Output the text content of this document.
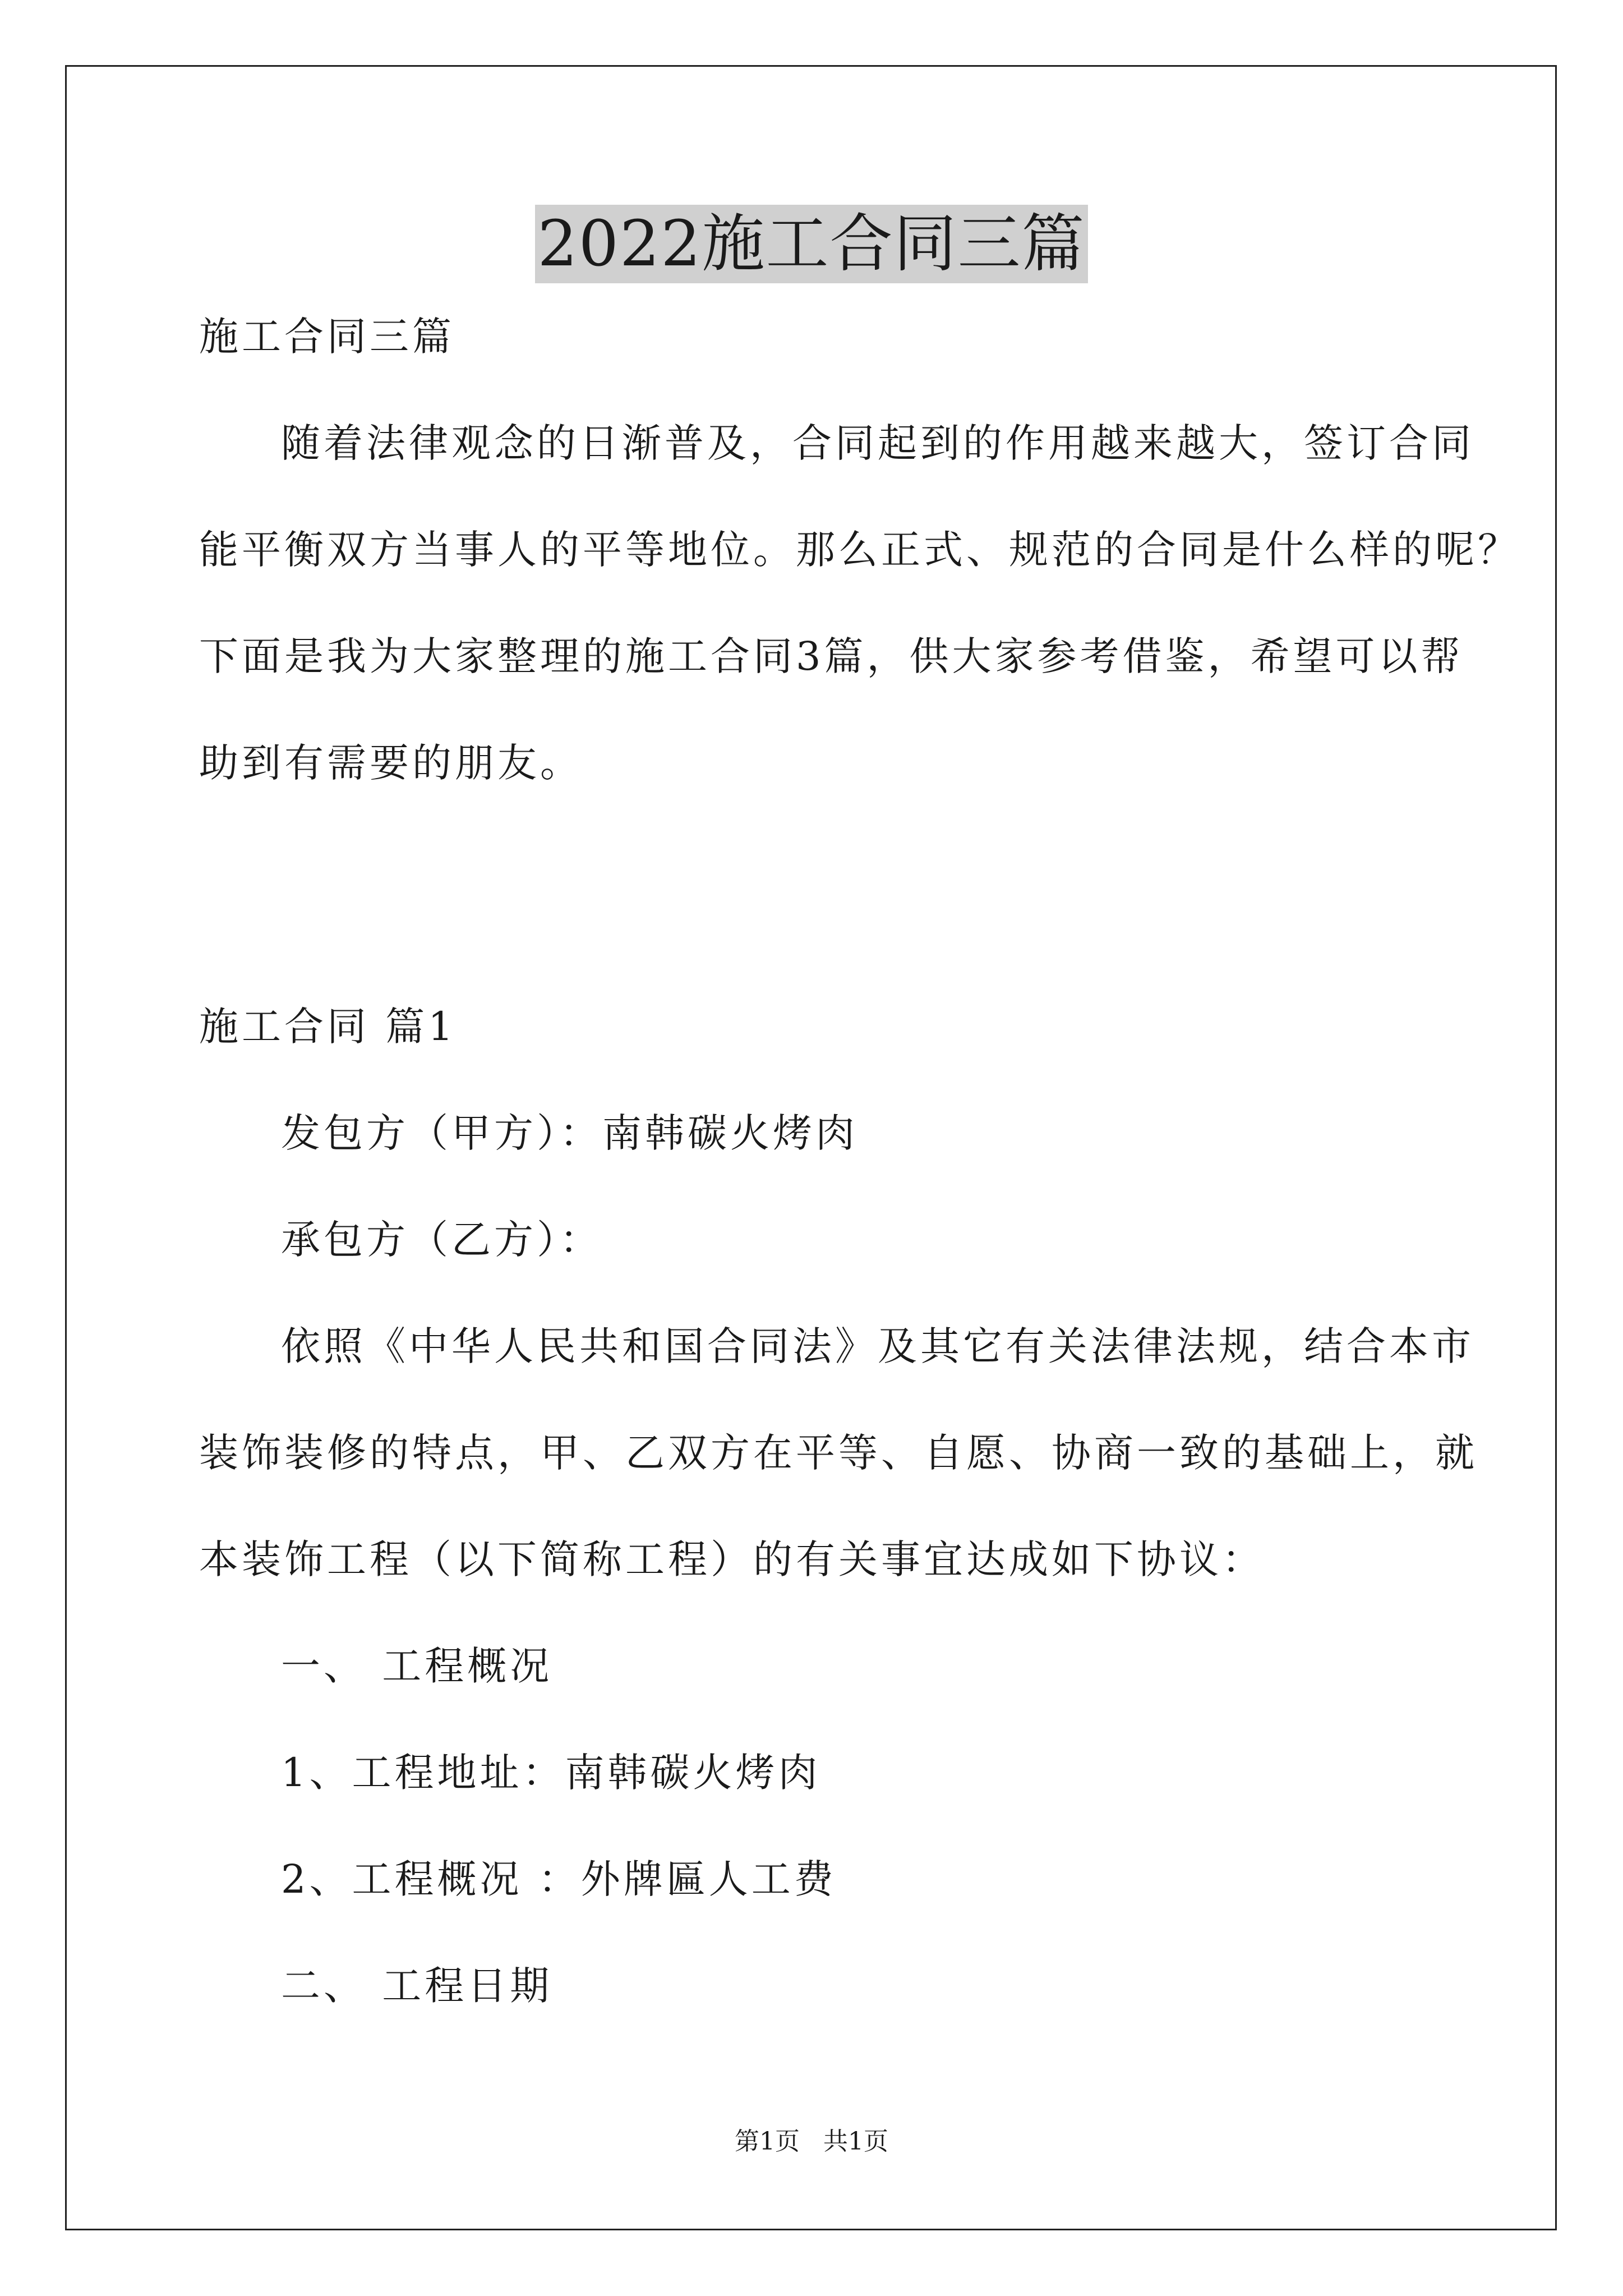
2022施工合同三篇
施工合同三篇
随着法律观念的日渐普及，合同起到的作用越来越大，签订合同
能平衡双方当事人的平等地位。那么正式、规范的合同是什么样的呢？
下面是我为大家整理的施工合同3篇，供大家参考借鉴，希望可以帮
助到有需要的朋友。
施工合同 篇1
发包方（甲方）：南韩碳火烤肉
承包方（乙方）：
依照《中华人民共和国合同法》及其它有关法律法规，结合本市
装饰装修的特点，甲、乙双方在平等、自愿、协商一致的基础上，就
本装饰工程（以下简称工程）的有关事宜达成如下协议：
一、 工程概况
1、工程地址：南韩碳火烤肉
2、工程概况 ：外牌匾人工费
二、 工程日期
第1页 共1页
